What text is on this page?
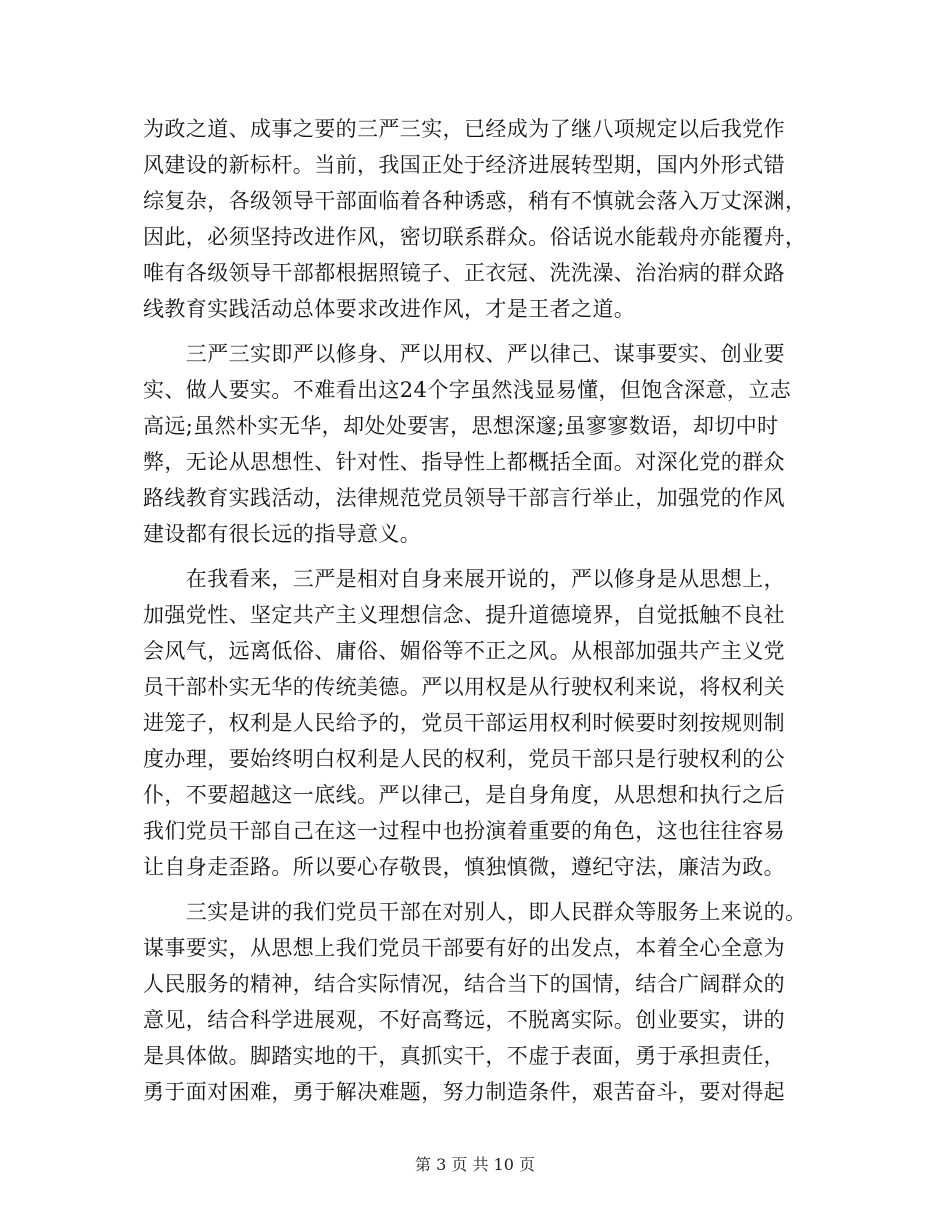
为政之道、成事之要的三严三实，已经成为了继八项规定以后我党作
风建设的新标杆。当前，我国正处于经济进展转型期，国内外形式错
综复杂，各级领导干部面临着各种诱惑，稍有不慎就会落入万丈深渊，
因此，必须坚持改进作风，密切联系群众。俗话说水能载舟亦能覆舟，
唯有各级领导干部都根据照镜子、正衣冠、洗洗澡、治治病的群众路
线教育实践活动总体要求改进作风，才是王者之道。
　　三严三实即严以修身、严以用权、严以律己、谋事要实、创业要
实、做人要实。不难看出这24个字虽然浅显易懂，但饱含深意，立志
高远;虽然朴实无华，却处处要害，思想深邃;虽寥寥数语，却切中时
弊，无论从思想性、针对性、指导性上都概括全面。对深化党的群众
路线教育实践活动，法律规范党员领导干部言行举止，加强党的作风
建设都有很长远的指导意义。
　　在我看来，三严是相对自身来展开说的，严以修身是从思想上，
加强党性、坚定共产主义理想信念、提升道德境界，自觉抵触不良社
会风气，远离低俗、庸俗、媚俗等不正之风。从根部加强共产主义党
员干部朴实无华的传统美德。严以用权是从行驶权利来说，将权利关
进笼子，权利是人民给予的，党员干部运用权利时候要时刻按规则制
度办理，要始终明白权利是人民的权利，党员干部只是行驶权利的公
仆，不要超越这一底线。严以律己，是自身角度，从思想和执行之后
我们党员干部自己在这一过程中也扮演着重要的角色，这也往往容易
让自身走歪路。所以要心存敬畏，慎独慎微，遵纪守法，廉洁为政。
　　三实是讲的我们党员干部在对别人，即人民群众等服务上来说的。
谋事要实，从思想上我们党员干部要有好的出发点，本着全心全意为
人民服务的精神，结合实际情况，结合当下的国情，结合广阔群众的
意见，结合科学进展观，不好高骛远，不脱离实际。创业要实，讲的
是具体做。脚踏实地的干，真抓实干，不虚于表面，勇于承担责任，
勇于面对困难，勇于解决难题，努力制造条件，艰苦奋斗，要对得起
第 3 页 共 10 页
